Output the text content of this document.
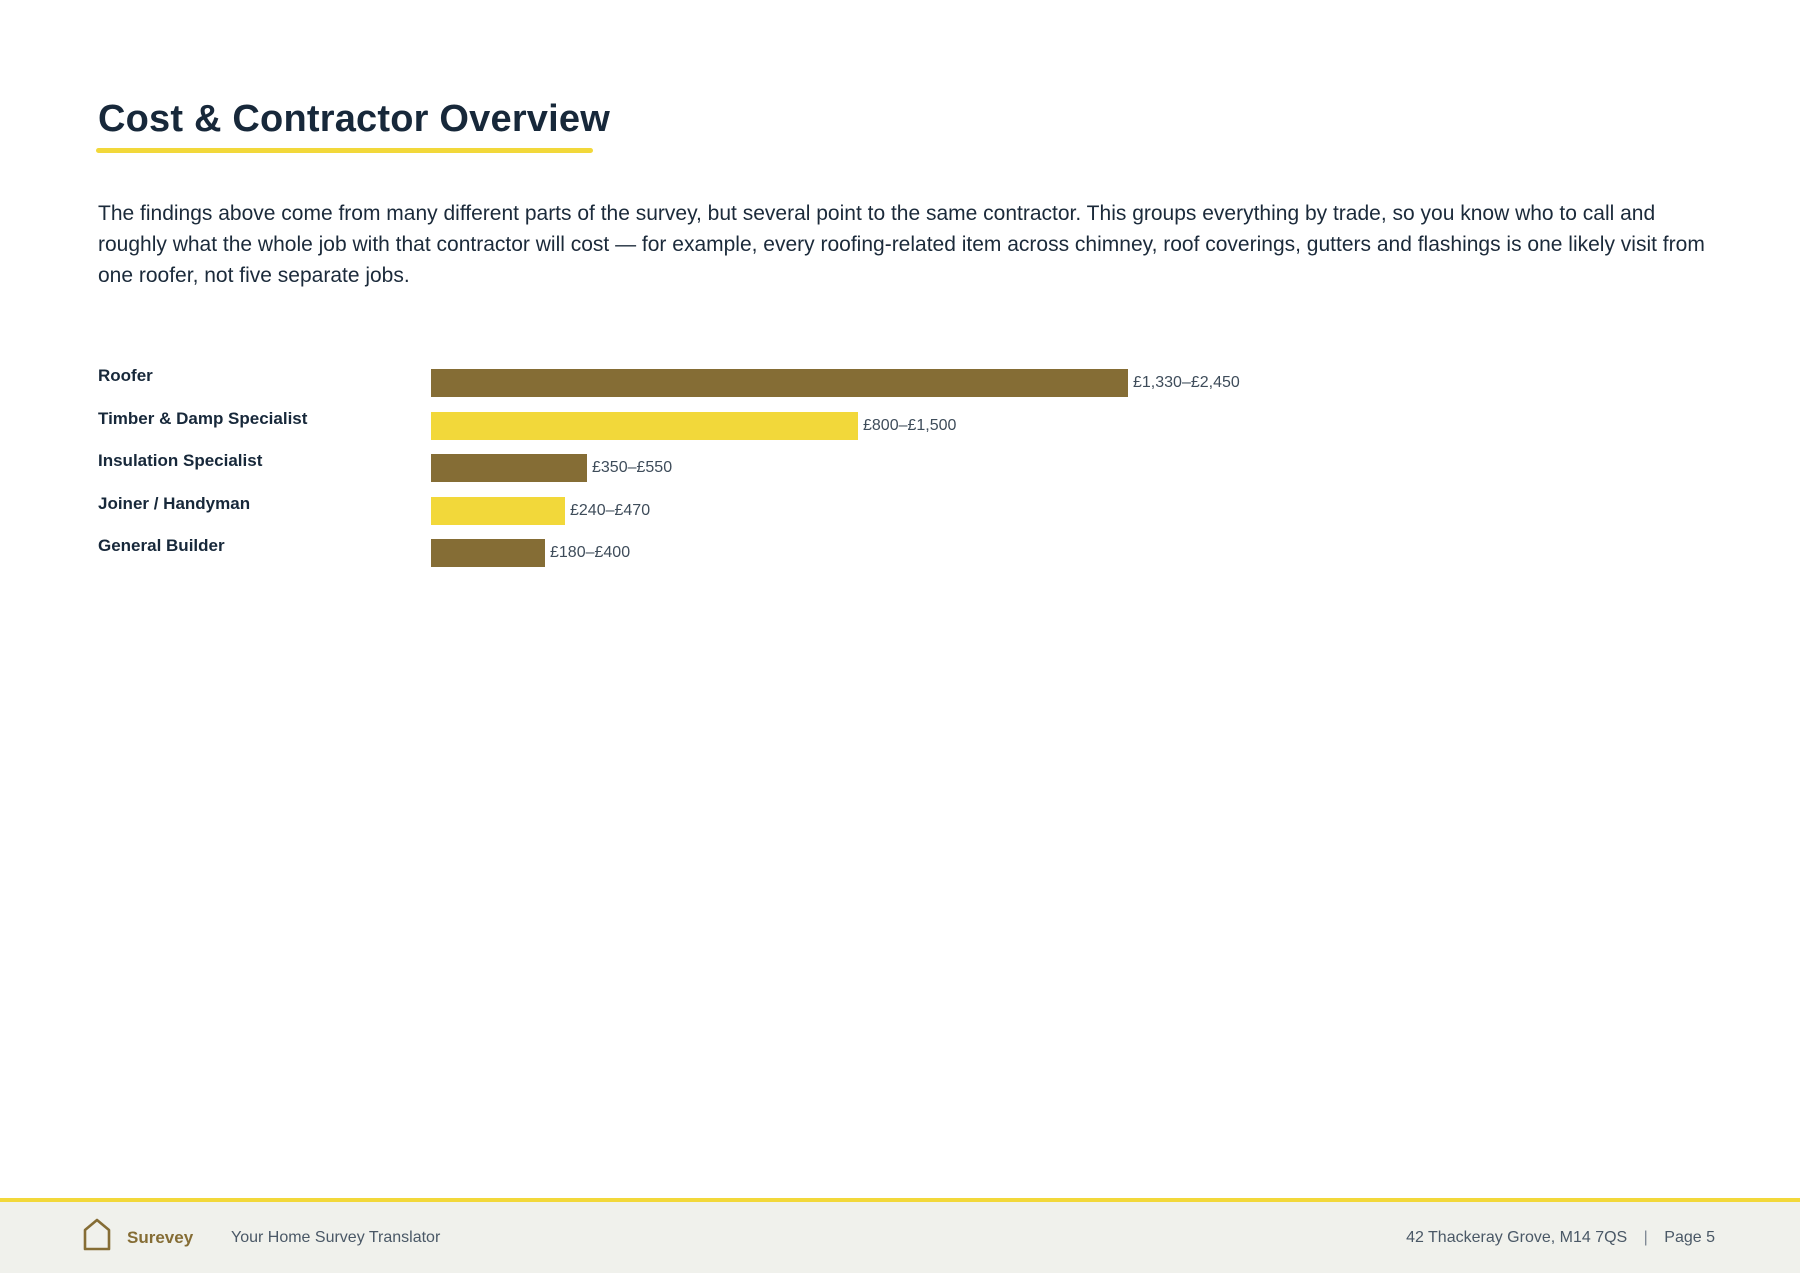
Cost & Contractor Overview

The findings above come from many different parts of the survey, but several point to the same contractor. This groups everything by trade, so you know who to call and roughly what the whole job with that contractor will cost — for example, every roofing-related item across chimney, roof coverings, gutters and flashings is one likely visit from one roofer, not five separate jobs.

Roofer	£1,330–£2,450
Timber & Damp Specialist	£800–£1,500
Insulation Specialist	£350–£550
Joiner / Handyman	£240–£470
General Builder	£180–£400
Surevey Your Home Survey Translator	42 Thackeray Grove, M14 7QS | Page 5
